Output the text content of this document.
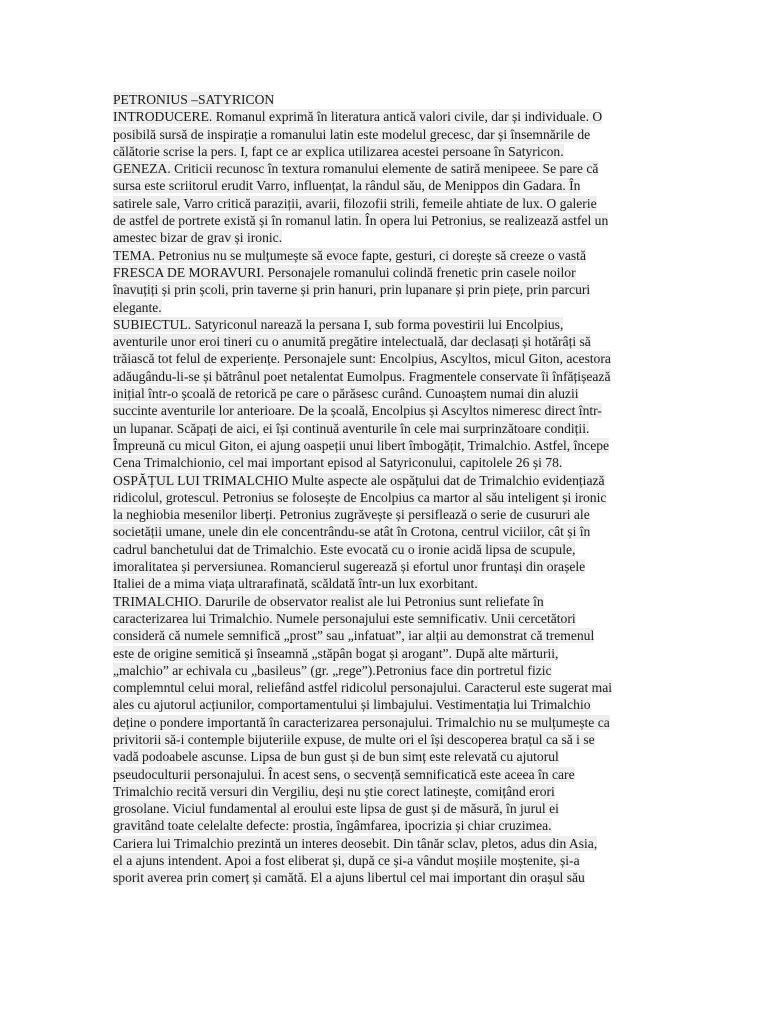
PETRONIUS –SATYRICON
INTRODUCERE. Romanul exprimă în literatura antică valori civile, dar și individuale. O
posibilă sursă de inspirație a romanului latin este modelul grecesc, dar și însemnările de
călătorie scrise la pers. I, fapt ce ar explica utilizarea acestei persoane în Satyricon.
GENEZA. Criticii recunosc în textura romanului elemente de satiră menipeee. Se pare că
sursa este scriitorul erudit Varro, influențat, la rândul său, de Menippos din Gadara. În
satirele sale, Varro critică paraziții, avarii, filozofii strili, femeile ahtiate de lux. O galerie
de astfel de portrete există și în romanul latin. În opera lui Petronius, se realizează astfel un
amestec bizar de grav și ironic.
TEMA. Petronius nu se mulțumește să evoce fapte, gesturi, ci dorește să creeze o vastă
FRESCA DE MORAVURI. Personajele romanului colindă frenetic prin casele noilor
înavuțiți și prin școli, prin taverne și prin hanuri, prin lupanare și prin piețe, prin parcuri
elegante.
SUBIECTUL. Satyriconul narează la persana I, sub forma povestirii lui Encolpius,
aventurile unor eroi tineri cu o anumită pregătire intelectuală, dar declasați și hotărâți să
trăiască tot felul de experiențe. Personajele sunt: Encolpius, Ascyltos, micul Giton, acestora
adăugându-li-se și bătrânul poet netalentat Eumolpus. Fragmentele conservate îi înfățișează
inițial într-o școală de retorică pe care o părăsesc curând. Cunoaștem numai din aluzii
succinte aventurile lor anterioare. De la școală, Encolpius și Ascyltos nimeresc direct într-
un lupanar. Scăpați de aici, ei își continuă aventurile în cele mai surprinzătoare condiții.
Împreună cu micul Giton, ei ajung oaspeții unui libert îmbogățit, Trimalchio. Astfel, începe
Cena Trimalchionio, cel mai important episod al Satyriconului, capitolele 26 și 78.
OSPĂȚUL LUI TRIMALCHIO Multe aspecte ale ospățului dat de Trimalchio evidențiază
ridicolul, grotescul. Petronius se folosește de Encolpius ca martor al său inteligent și ironic
la neghiobia mesenilor liberți. Petronius zugrăvește și persiflează o serie de cusururi ale
societății umane, unele din ele concentrându-se atât în Crotona, centrul viciilor, cât și în
cadrul banchetului dat de Trimalchio. Este evocată cu o ironie acidă lipsa de scupule,
imoralitatea și perversiunea. Romancierul sugerează și efortul unor fruntași din orașele
Italiei de a mima viața ultrarafinată, scăldată într-un lux exorbitant.
TRIMALCHIO. Darurile de observator realist ale lui Petronius sunt reliefate în
caracterizarea lui Trimalchio. Numele personajului este semnificativ. Unii cercetători
consideră că numele semnifică „prost” sau „infatuat”, iar alții au demonstrat că tremenul
este de origine semitică și înseamnă „stăpân bogat și arogant”. După alte mărturii,
„malchio” ar echivala cu „basileus” (gr. „rege”).Petronius face din portretul fizic
complemntul celui moral, reliefând astfel ridicolul personajului. Caracterul este sugerat mai
ales cu ajutorul acțiunilor, comportamentului și limbajului. Vestimentația lui Trimalchio
deține o pondere importantă în caracterizarea personajului. Trimalchio nu se mulțumește ca
privitorii să-i contemple bijuteriile expuse, de multe ori el își descoperea brațul ca să i se
vadă podoabele ascunse. Lipsa de bun gust și de bun simț este relevată cu ajutorul
pseudoculturii personajului. În acest sens, o secvență semnificatică este aceea în care
Trimalchio recită versuri din Vergiliu, deși nu știe corect latinește, comițând erori
grosolane. Viciul fundamental al eroului este lipsa de gust și de măsură, în jurul ei
gravitând toate celelalte defecte: prostia, îngâmfarea, ipocrizia și chiar cruzimea.
Cariera lui Trimalchio prezintă un interes deosebit. Din tânăr sclav, pletos, adus din Asia,
el a ajuns intendent. Apoi a fost eliberat și, după ce și-a vândut moșiile moștenite, și-a
sporit averea prin comerț și camătă. El a ajuns libertul cel mai important din orașul său
